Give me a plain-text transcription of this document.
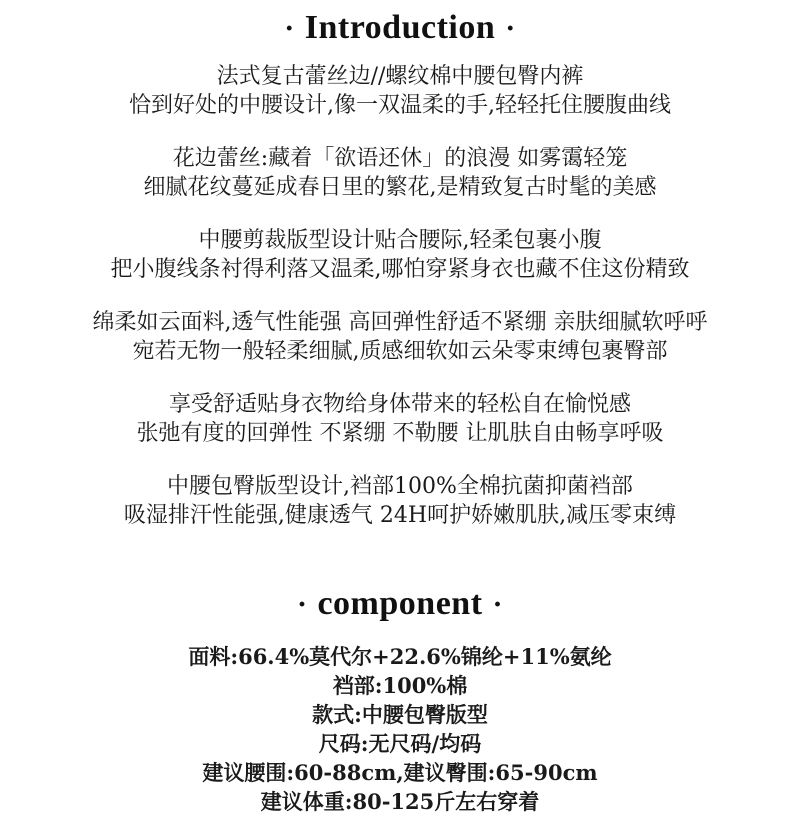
· Introduction ·
法式复古蕾丝边//螺纹棉中腰包臀内裤
恰到好处的中腰设计,像一双温柔的手,轻轻托住腰腹曲线
花边蕾丝:藏着「欲语还休」的浪漫 如雾霭轻笼
细腻花纹蔓延成春日里的繁花,是精致复古时髦的美感
中腰剪裁版型设计贴合腰际,轻柔包裹小腹
把小腹线条衬得利落又温柔,哪怕穿紧身衣也藏不住这份精致
绵柔如云面料,透气性能强 高回弹性舒适不紧绷 亲肤细腻软呼呼
宛若无物一般轻柔细腻,质感细软如云朵零束缚包裹臀部
享受舒适贴身衣物给身体带来的轻松自在愉悦感
张弛有度的回弹性 不紧绷 不勒腰 让肌肤自由畅享呼吸
中腰包臀版型设计,裆部100%全棉抗菌抑菌裆部
吸湿排汗性能强,健康透气 24H呵护娇嫩肌肤,减压零束缚
· component ·
面料:66.4%莫代尔+22.6%锦纶+11%氨纶
裆部:100%棉
款式:中腰包臀版型
尺码:无尺码/均码
建议腰围:60-88cm,建议臀围:65-90cm
建议体重:80-125斤左右穿着
